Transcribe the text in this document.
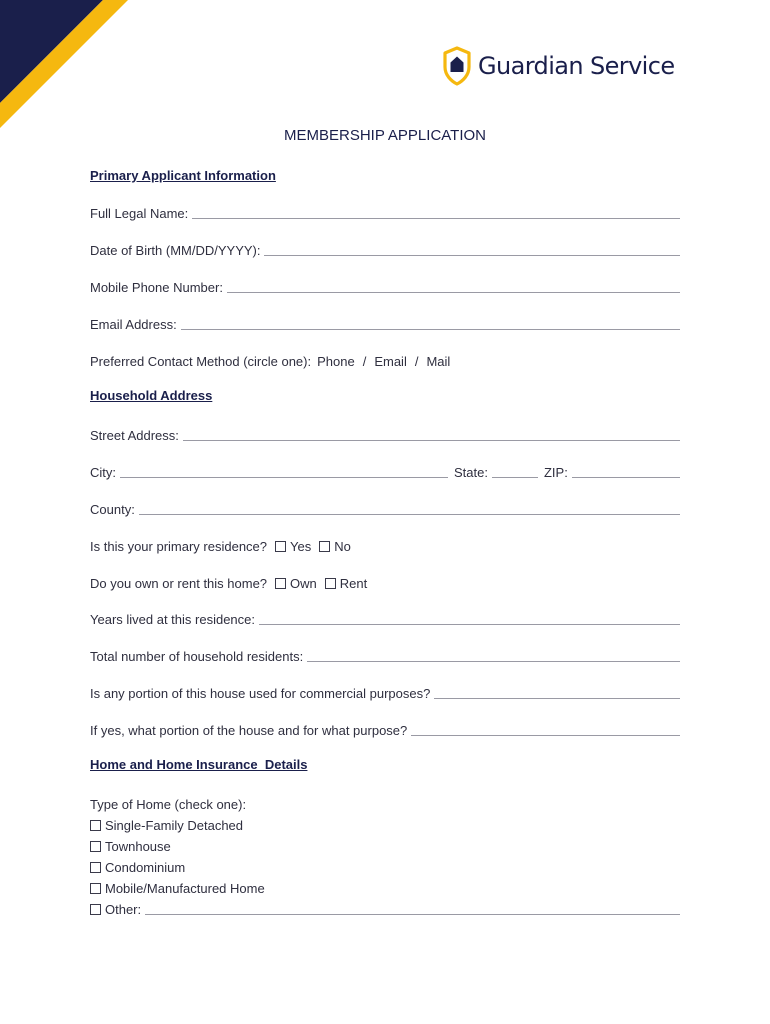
Guardian Service
MEMBERSHIP APPLICATION
Primary Applicant Information
Full Legal Name:
Date of Birth (MM/DD/YYYY):
Mobile Phone Number:
Email Address:
Preferred Contact Method (circle one): Phone / Email / Mail
Household Address
Street Address:
City:	State:	ZIP:
County:
Is this your primary residence? Yes No
Do you own or rent this home? Own Rent
Years lived at this residence:
Total number of household residents:
Is any portion of this house used for commercial purposes?
If yes, what portion of the house and for what purpose?
Home and Home Insurance  Details
Type of Home (check one):
Single-Family Detached
Townhouse
Condominium
Mobile/Manufactured Home
Other:
